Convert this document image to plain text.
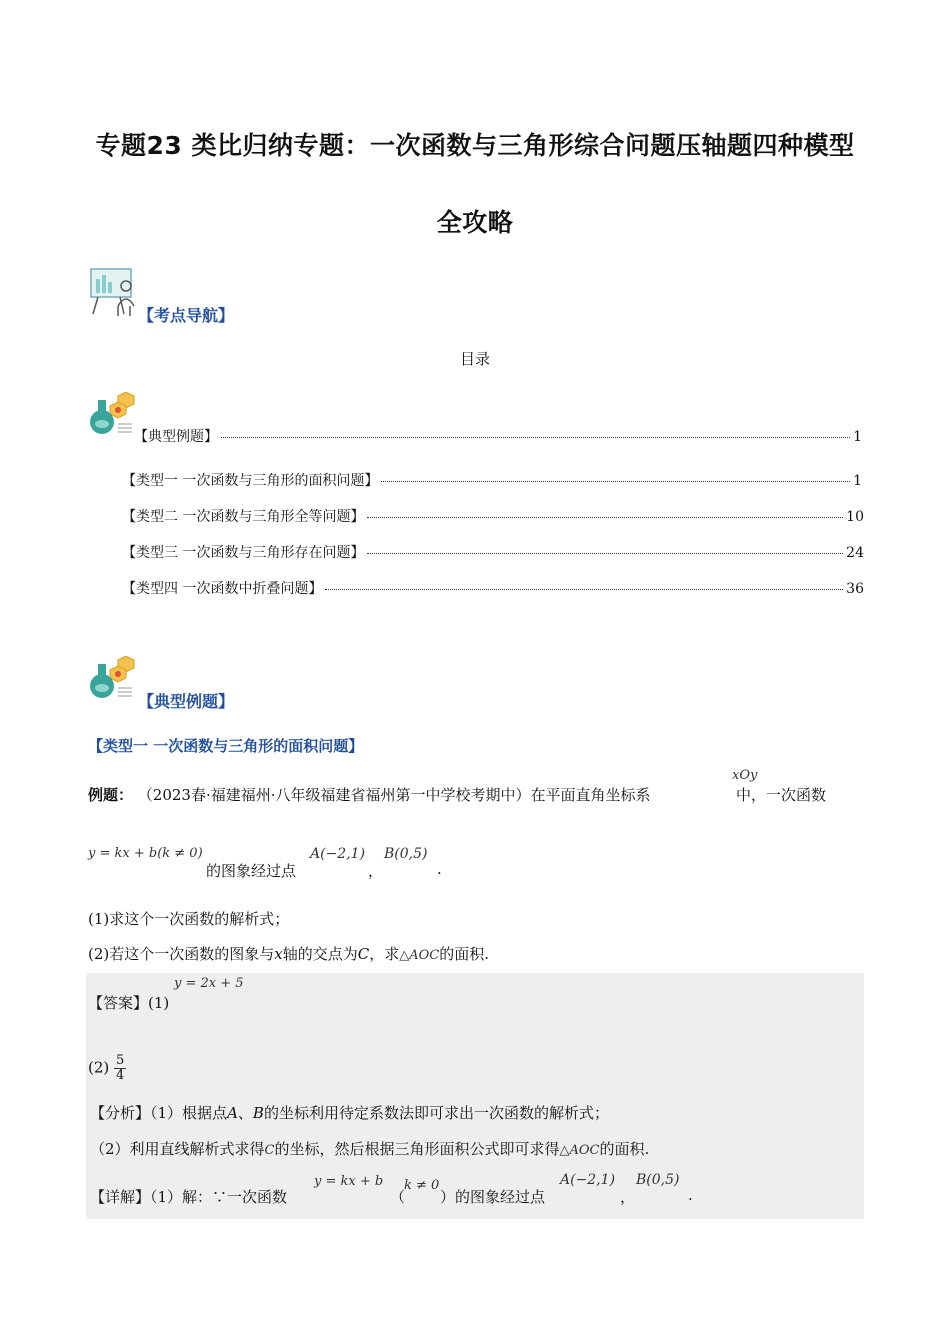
专题23 类比归纳专题：一次函数与三角形综合问题压轴题四种模型
全攻略
【考点导航】
目录
【典型例题】	1
【类型一 一次函数与三角形的面积问题】	1
【类型二 一次函数与三角形全等问题】	10
【类型三 一次函数与三角形存在问题】	24
【类型四 一次函数中折叠问题】	36
【典型例题】
【类型一 一次函数与三角形的面积问题】
例题： （2023春·福建福州·八年级福建省福州第一中学校考期中）在平面直角坐标系
xOy
中，一次函数
y = kx + b(k ≠ 0)
的图象经过点
A(−2,1)
，
B(0,5)
.
(1)求这个一次函数的解析式；
(2)若这个一次函数的图象与x轴的交点为C，求△AOC的面积.
【答案】(1)
y = 2x + 5
$(2) \frac{5}{4}$
【分析】（1）根据点A、B的坐标利用待定系数法即可求出一次函数的解析式；
（2）利用直线解析式求得C的坐标，然后根据三角形面积公式即可求得△AOC的面积.
【详解】（1）解：∵一次函数
y = kx + b
（
k ≠ 0
）的图象经过点
A(−2,1)
，
B(0,5)
.
